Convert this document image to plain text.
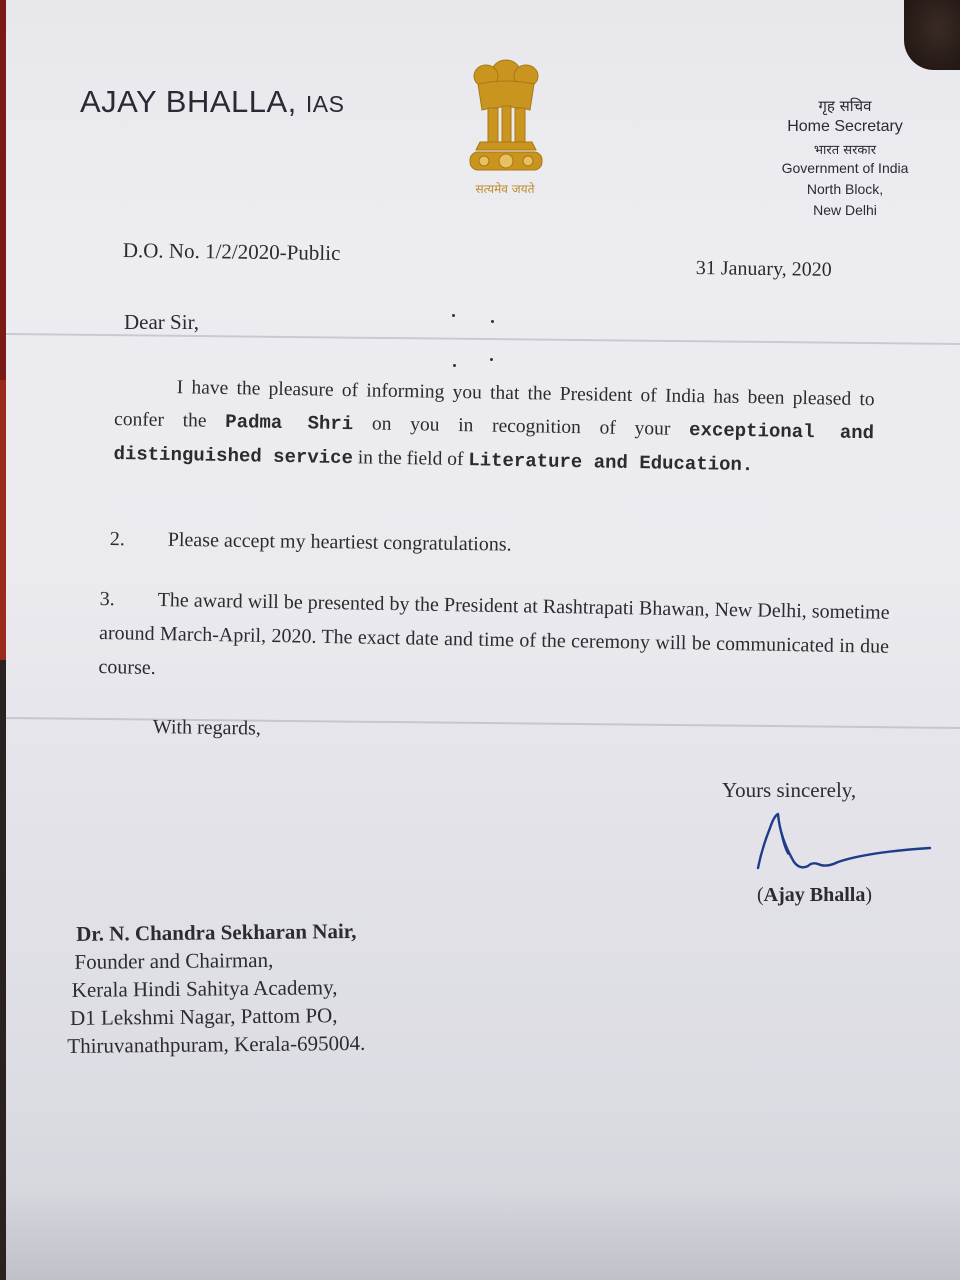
AJAY BHALLA, IAS
सत्यमेव जयते
गृह सचिव
Home Secretary
भारत सरकार
Government of India
North Block,
New Delhi
D.O. No. 1/2/2020-Public
31 January, 2020
Dear Sir,
I have the pleasure of informing you that the President of India has been pleased to confer the Padma Shri on you in recognition of your exceptional and distinguished service in the field of Literature and Education.
2. Please accept my heartiest congratulations.
3. The award will be presented by the President at Rashtrapati Bhawan, New Delhi, sometime around March-April, 2020. The exact date and time of the ceremony will be communicated in due course.
With regards,
Yours sincerely,
(Ajay Bhalla)
Dr. N. Chandra Sekharan Nair,
Founder and Chairman,
Kerala Hindi Sahitya Academy,
D1 Lekshmi Nagar, Pattom PO,
Thiruvanathpuram, Kerala-695004.
